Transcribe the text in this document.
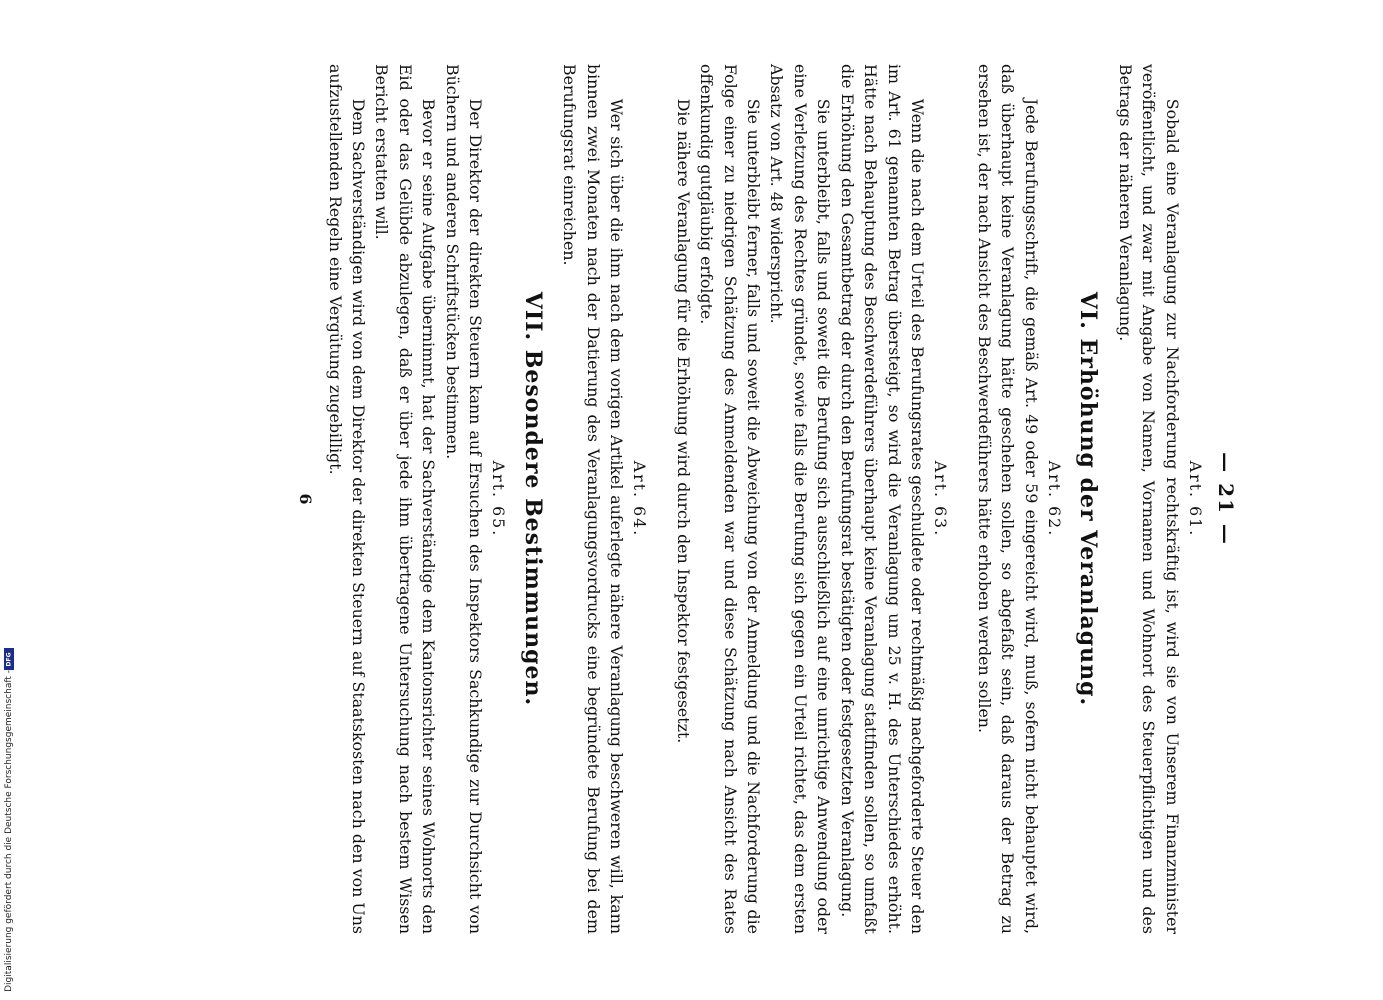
— 21 —
Art. 61.

Sobald eine Veranlagung zur Nachforderung rechtskräftig ist, wird sie von Unserem Finanzminister veröffentlicht, und zwar mit Angabe von Namen, Vornamen und Wohnort des Steuerpflichtigen und des Betrags der näheren Veranlagung.

VI. Erhöhung der Veranlagung.
Art. 62.

Jede Berufungsschrift, die gemäß Art. 49 oder 59 eingereicht wird, muß, sofern nicht behauptet wird, daß überhaupt keine Veranlagung hätte geschehen sollen, so abgefaßt sein, daß daraus der Betrag zu ersehen ist, der nach Ansicht des Beschwerdeführers hätte erhoben werden sollen.

Art. 63.

Wenn die nach dem Urteil des Berufungsrates geschuldete oder rechtmäßig nachgeforderte Steuer den im Art. 61 genannten Betrag übersteigt, so wird die Veranlagung um 25 v. H. des Unterschiedes erhöht. Hätte nach Behauptung des Beschwerdeführers überhaupt keine Veranlagung stattfinden sollen, so umfaßt die Erhöhung den Gesamtbetrag der durch den Berufungsrat bestätigten oder festgesetzten Veranlagung.

Sie unterbleibt, falls und soweit die Berufung sich ausschließlich auf eine unrichtige Anwendung oder eine Verletzung des Rechtes gründet, sowie falls die Berufung sich gegen ein Urteil richtet, das dem ersten Absatz von Art. 48 widerspricht.

Sie unterbleibt ferner, falls und soweit die Abweichung von der Anmeldung und die Nachforderung die Folge einer zu niedrigen Schätzung des Anmeldenden war und diese Schätzung nach Ansicht des Rates offenkundig gutgläubig erfolgte.

Die nähere Veranlagung für die Erhöhung wird durch den Inspektor festgesetzt.

Art. 64.

Wer sich über die ihm nach dem vorigen Artikel auferlegte nähere Veranlagung beschweren will, kann binnen zwei Monaten nach der Datierung des Veranlagungsvordrucks eine begründete Berufung bei dem Berufungsrat einreichen.

VII. Besondere Bestimmungen.
Art. 65.

Der Direktor der direkten Steuern kann auf Ersuchen des Inspektors Sachkundige zur Durchsicht von Büchern und anderen Schriftstücken bestimmen.

Bevor er seine Aufgabe übernimmt, hat der Sachverständige dem Kantonsrichter seines Wohnorts den Eid oder das Gelübde abzulegen, daß er über jede ihm übertragene Untersuchung nach bestem Wissen Bericht erstatten will.

Dem Sachverständigen wird von dem Direktor der direkten Steuern auf Staatskosten nach den von Uns aufzustellenden Regeln eine Vergütung zugebilligt.

6
Digitalisierung gefördert durch die Deutsche Forschungsgemeinschaft -
DFG
